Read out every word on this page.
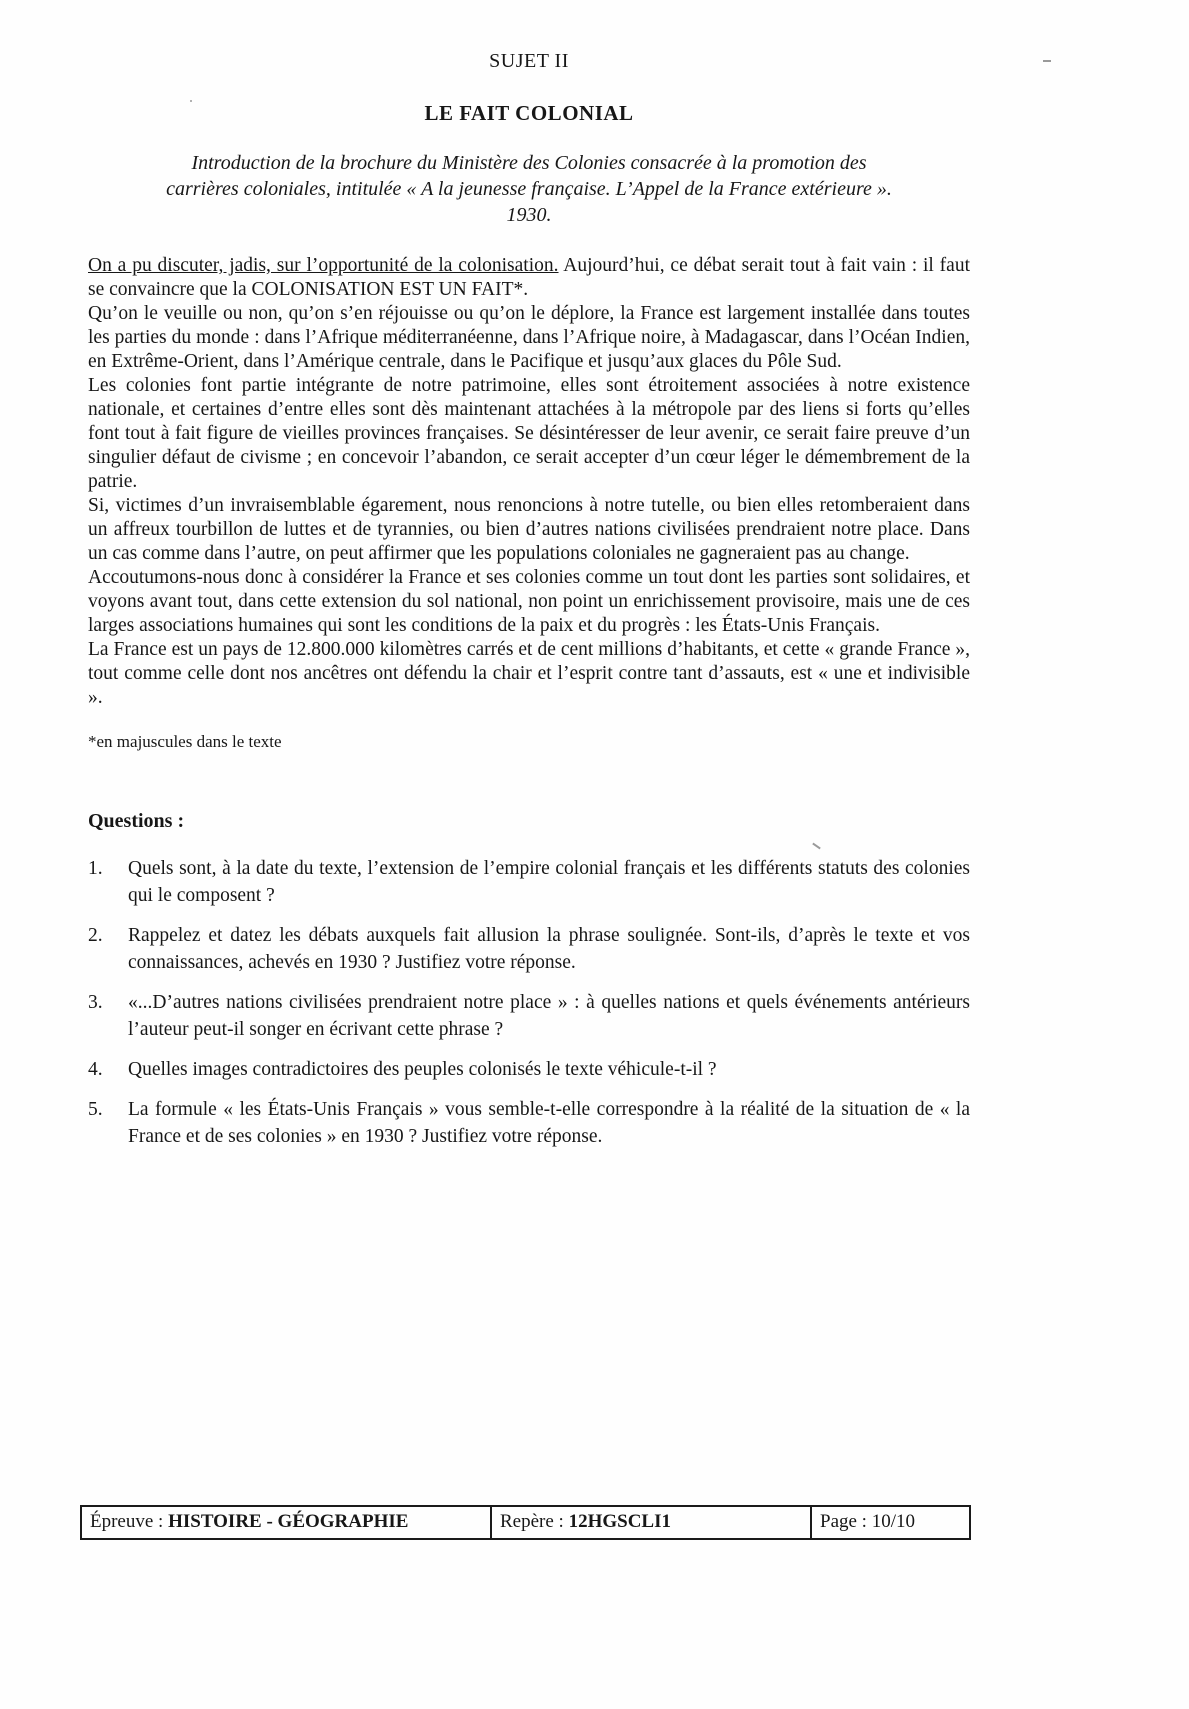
SUJET II
LE FAIT COLONIAL
Introduction de la brochure du Ministère des Colonies consacrée à la promotion des
carrières coloniales, intitulée « A la jeunesse française. L’Appel de la France extérieure ».
1930.

On a pu discuter, jadis, sur l’opportunité de la colonisation. Aujourd’hui, ce débat serait tout à fait vain : il faut se convaincre que la COLONISATION EST UN FAIT*.

Qu’on le veuille ou non, qu’on s’en réjouisse ou qu’on le déplore, la France est largement installée dans toutes les parties du monde : dans l’Afrique méditerranéenne, dans l’Afrique noire, à Madagascar, dans l’Océan Indien, en Extrême-Orient, dans l’Amérique centrale, dans le Pacifique et jusqu’aux glaces du Pôle Sud.

Les colonies font partie intégrante de notre patrimoine, elles sont étroitement associées à notre existence nationale, et certaines d’entre elles sont dès maintenant attachées à la métropole par des liens si forts qu’elles font tout à fait figure de vieilles provinces françaises. Se désintéresser de leur avenir, ce serait faire preuve d’un singulier défaut de civisme ; en concevoir l’abandon, ce serait accepter d’un cœur léger le démembrement de la patrie.

Si, victimes d’un invraisemblable égarement, nous renoncions à notre tutelle, ou bien elles retomberaient dans un affreux tourbillon de luttes et de tyrannies, ou bien d’autres nations civilisées prendraient notre place. Dans un cas comme dans l’autre, on peut affirmer que les populations coloniales ne gagneraient pas au change.

Accoutumons-nous donc à considérer la France et ses colonies comme un tout dont les parties sont solidaires, et voyons avant tout, dans cette extension du sol national, non point un enrichissement provisoire, mais une de ces larges associations humaines qui sont les conditions de la paix et du progrès : les États-Unis Français.

La France est un pays de 12.800.000 kilomètres carrés et de cent millions d’habitants, et cette « grande France », tout comme celle dont nos ancêtres ont défendu la chair et l’esprit contre tant d’assauts, est « une et indivisible ».

*en majuscules dans le texte
Questions :
1.	Quels sont, à la date du texte, l’extension de l’empire colonial français et les différents statuts des colonies qui le composent ?
2.	Rappelez et datez les débats auxquels fait allusion la phrase soulignée. Sont-ils, d’après le texte et vos connaissances, achevés en 1930 ? Justifiez votre réponse.
3.	«...D’autres nations civilisées prendraient notre place » : à quelles nations et quels événements antérieurs l’auteur peut-il songer en écrivant cette phrase ?
4.	Quelles images contradictoires des peuples colonisés le texte véhicule-t-il ?
5.	La formule « les États-Unis Français » vous semble-t-elle correspondre à la réalité de la situation de « la France et de ses colonies » en 1930 ? Justifiez votre réponse.
Épreuve : HISTOIRE - GÉOGRAPHIE	Repère : 12HGSCLI1	Page : 10/10
